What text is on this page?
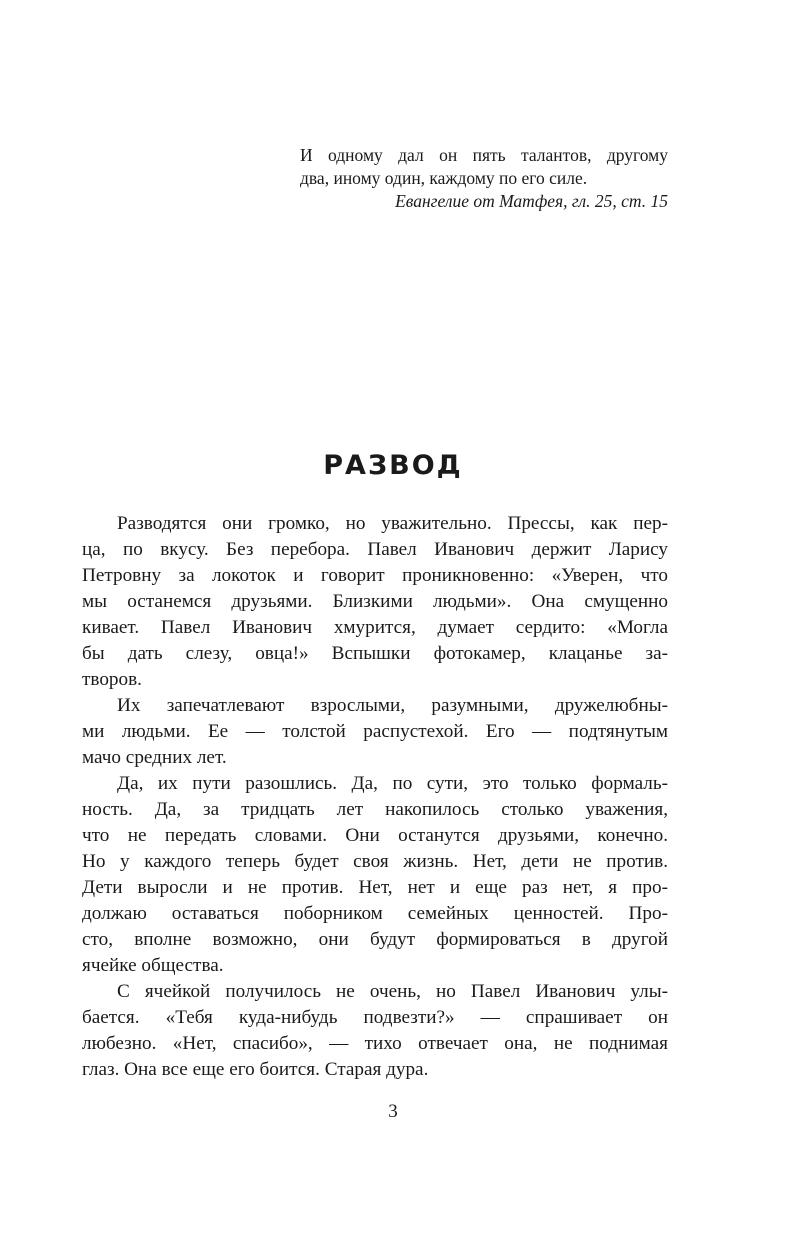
И одному дал он пять талантов, другому
два, иному один, каждому по его силе.
Евангелие от Матфея, гл. 25, ст. 15
РАЗВОД
Разводятся они громко, но уважительно. Прессы, как пер-
ца, по вкусу. Без перебора. Павел Иванович держит Ларису
Петровну за локоток и говорит проникновенно: «Уверен, что
мы останемся друзьями. Близкими людьми». Она смущенно
кивает. Павел Иванович хмурится, думает сердито: «Могла
бы дать слезу, овца!» Вспышки фотокамер, клацанье за-
творов.
Их запечатлевают взрослыми, разумными, дружелюбны-
ми людьми. Ее — толстой распустехой. Его — подтянутым
мачо средних лет.
Да, их пути разошлись. Да, по сути, это только формаль-
ность. Да, за тридцать лет накопилось столько уважения,
что не передать словами. Они останутся друзьями, конечно.
Но у каждого теперь будет своя жизнь. Нет, дети не против.
Дети выросли и не против. Нет, нет и еще раз нет, я про-
должаю оставаться поборником семейных ценностей. Про-
сто, вполне возможно, они будут формироваться в другой
ячейке общества.
С ячейкой получилось не очень, но Павел Иванович улы-
бается. «Тебя куда-нибудь подвезти?» — спрашивает он
любезно. «Нет, спасибо», — тихо отвечает она, не поднимая
глаз. Она все еще его боится. Старая дура.
3
